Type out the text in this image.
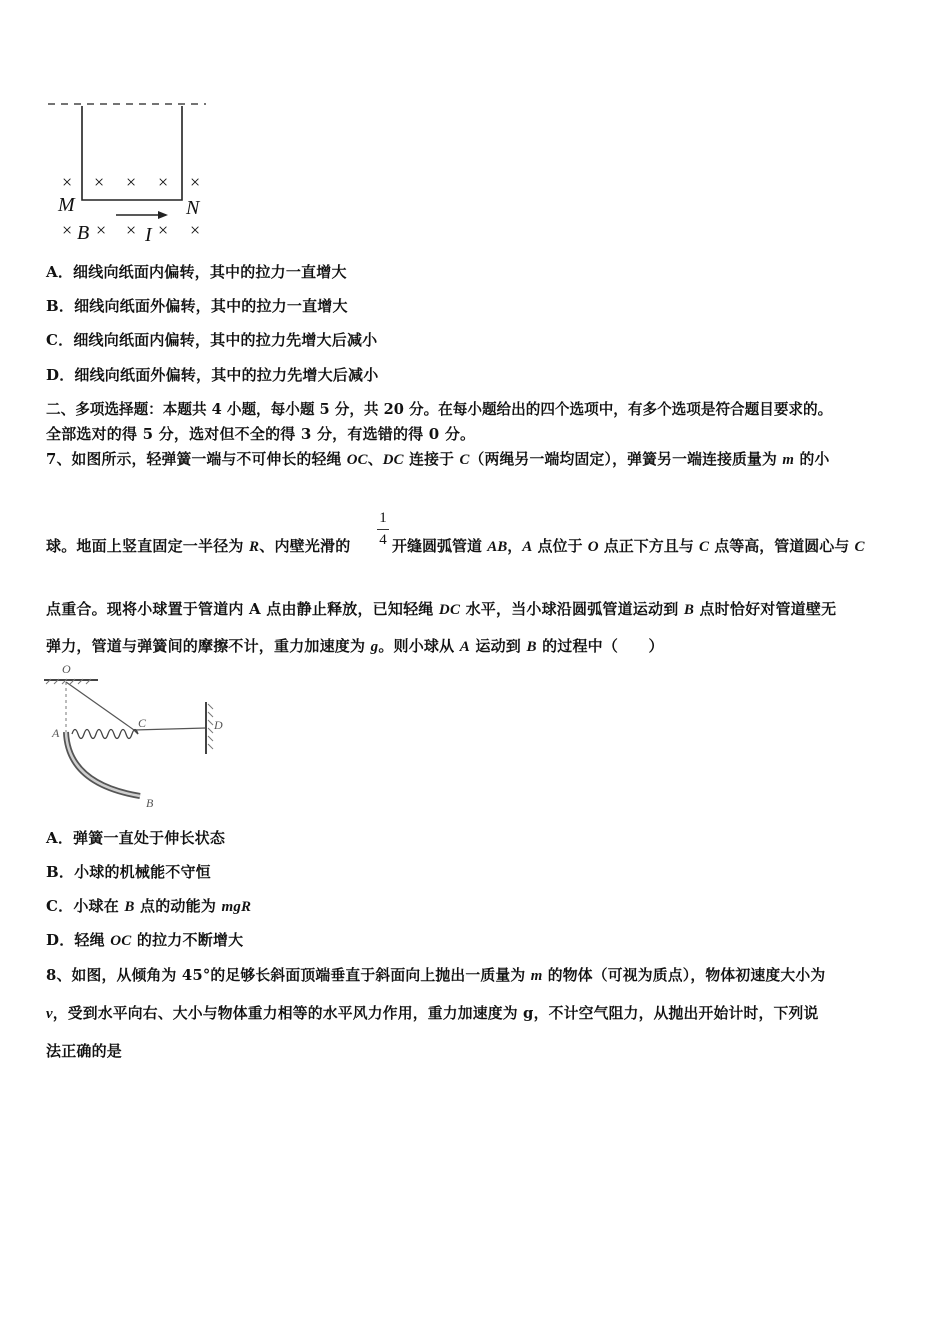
× × × × ×
M	N
× B × × I × ×
A．细线向纸面内偏转，其中的拉力一直增大
B．细线向纸面外偏转，其中的拉力一直增大
C．细线向纸面内偏转，其中的拉力先增大后减小
D．细线向纸面外偏转，其中的拉力先增大后减小
二、多项选择题：本题共 4 小题，每小题 5 分，共 20 分。在每小题给出的四个选项中，有多个选项是符合题目要求的。
全部选对的得 5 分，选对但不全的得 3 分，有选错的得 0 分。
7、如图所示，轻弹簧一端与不可伸长的轻绳 OC、DC 连接于 C（两绳另一端均固定），弹簧另一端连接质量为 m 的小
1
4
球。地面上竖直固定一半径为 R、内壁光滑的	开缝圆弧管道 AB，A 点位于 O 点正下方且与 C 点等高，管道圆心与 C
点重合。现将小球置于管道内 A 点由静止释放，已知轻绳 DC 水平，当小球沿圆弧管道运动到 B 点时恰好对管道壁无
弹力，管道与弹簧间的摩擦不计，重力加速度为 g。则小球从 A 运动到 B 的过程中（　　）
O
A
C	D
B
A．弹簧一直处于伸长状态
B．小球的机械能不守恒
C．小球在 B 点的动能为 mgR
D．轻绳 OC 的拉力不断增大
8、如图，从倾角为 45°的足够长斜面顶端垂直于斜面向上抛出一质量为 m 的物体（可视为质点），物体初速度大小为
v，受到水平向右、大小与物体重力相等的水平风力作用，重力加速度为 g，不计空气阻力，从抛出开始计时，下列说
法正确的是
